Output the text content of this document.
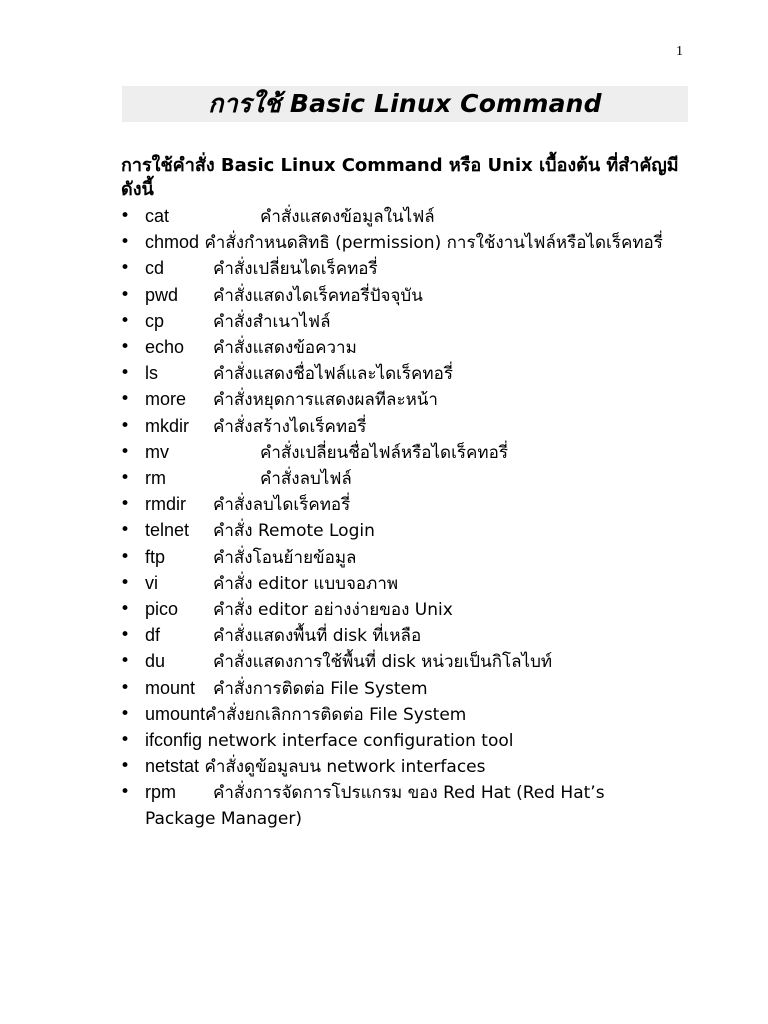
1
การใช้ Basic Linux Command
การใช้คำสั่ง Basic Linux Command หรือ Unix เบื้องต้น ที่สำคัญมีดังนี้
• cat	คำสั่งแสดงข้อมูลในไฟล์
• chmod คำสั่งกำหนดสิทธิ (permission) การใช้งานไฟล์หรือไดเร็คทอรี่
• cd	คำสั่งเปลี่ยนไดเร็คทอรี่
• pwd คำสั่งแสดงไดเร็คทอรี่ปัจจุบัน
• cp	คำสั่งสำเนาไฟล์
• echo คำสั่งแสดงข้อความ
• ls	คำสั่งแสดงชื่อไฟล์และไดเร็คทอรี่
• more คำสั่งหยุดการแสดงผลทีละหน้า
• mkdir คำสั่งสร้างไดเร็คทอรี่
• mv	คำสั่งเปลี่ยนชื่อไฟล์หรือไดเร็คทอรี่
• rm	คำสั่งลบไฟล์
• rmdir คำสั่งลบไดเร็คทอรี่
• telnet คำสั่ง Remote Login
• ftp	คำสั่งโอนย้ายข้อมูล
• vi	คำสั่ง editor แบบจอภาพ
• pico คำสั่ง editor อย่างง่ายของ Unix
• df	คำสั่งแสดงพื้นที่ disk ที่เหลือ
• du	คำสั่งแสดงการใช้พื้นที่ disk หน่วยเป็นกิโลไบท์
• mount คำสั่งการติดต่อ File System
• umountคำสั่งยกเลิกการติดต่อ File System
• ifconfig network interface configuration tool
• netstat คำสั่งดูข้อมูลบน network interfaces
• rpm คำสั่งการจัดการโปรแกรม ของ Red Hat (Red Hat’s Package Manager)
